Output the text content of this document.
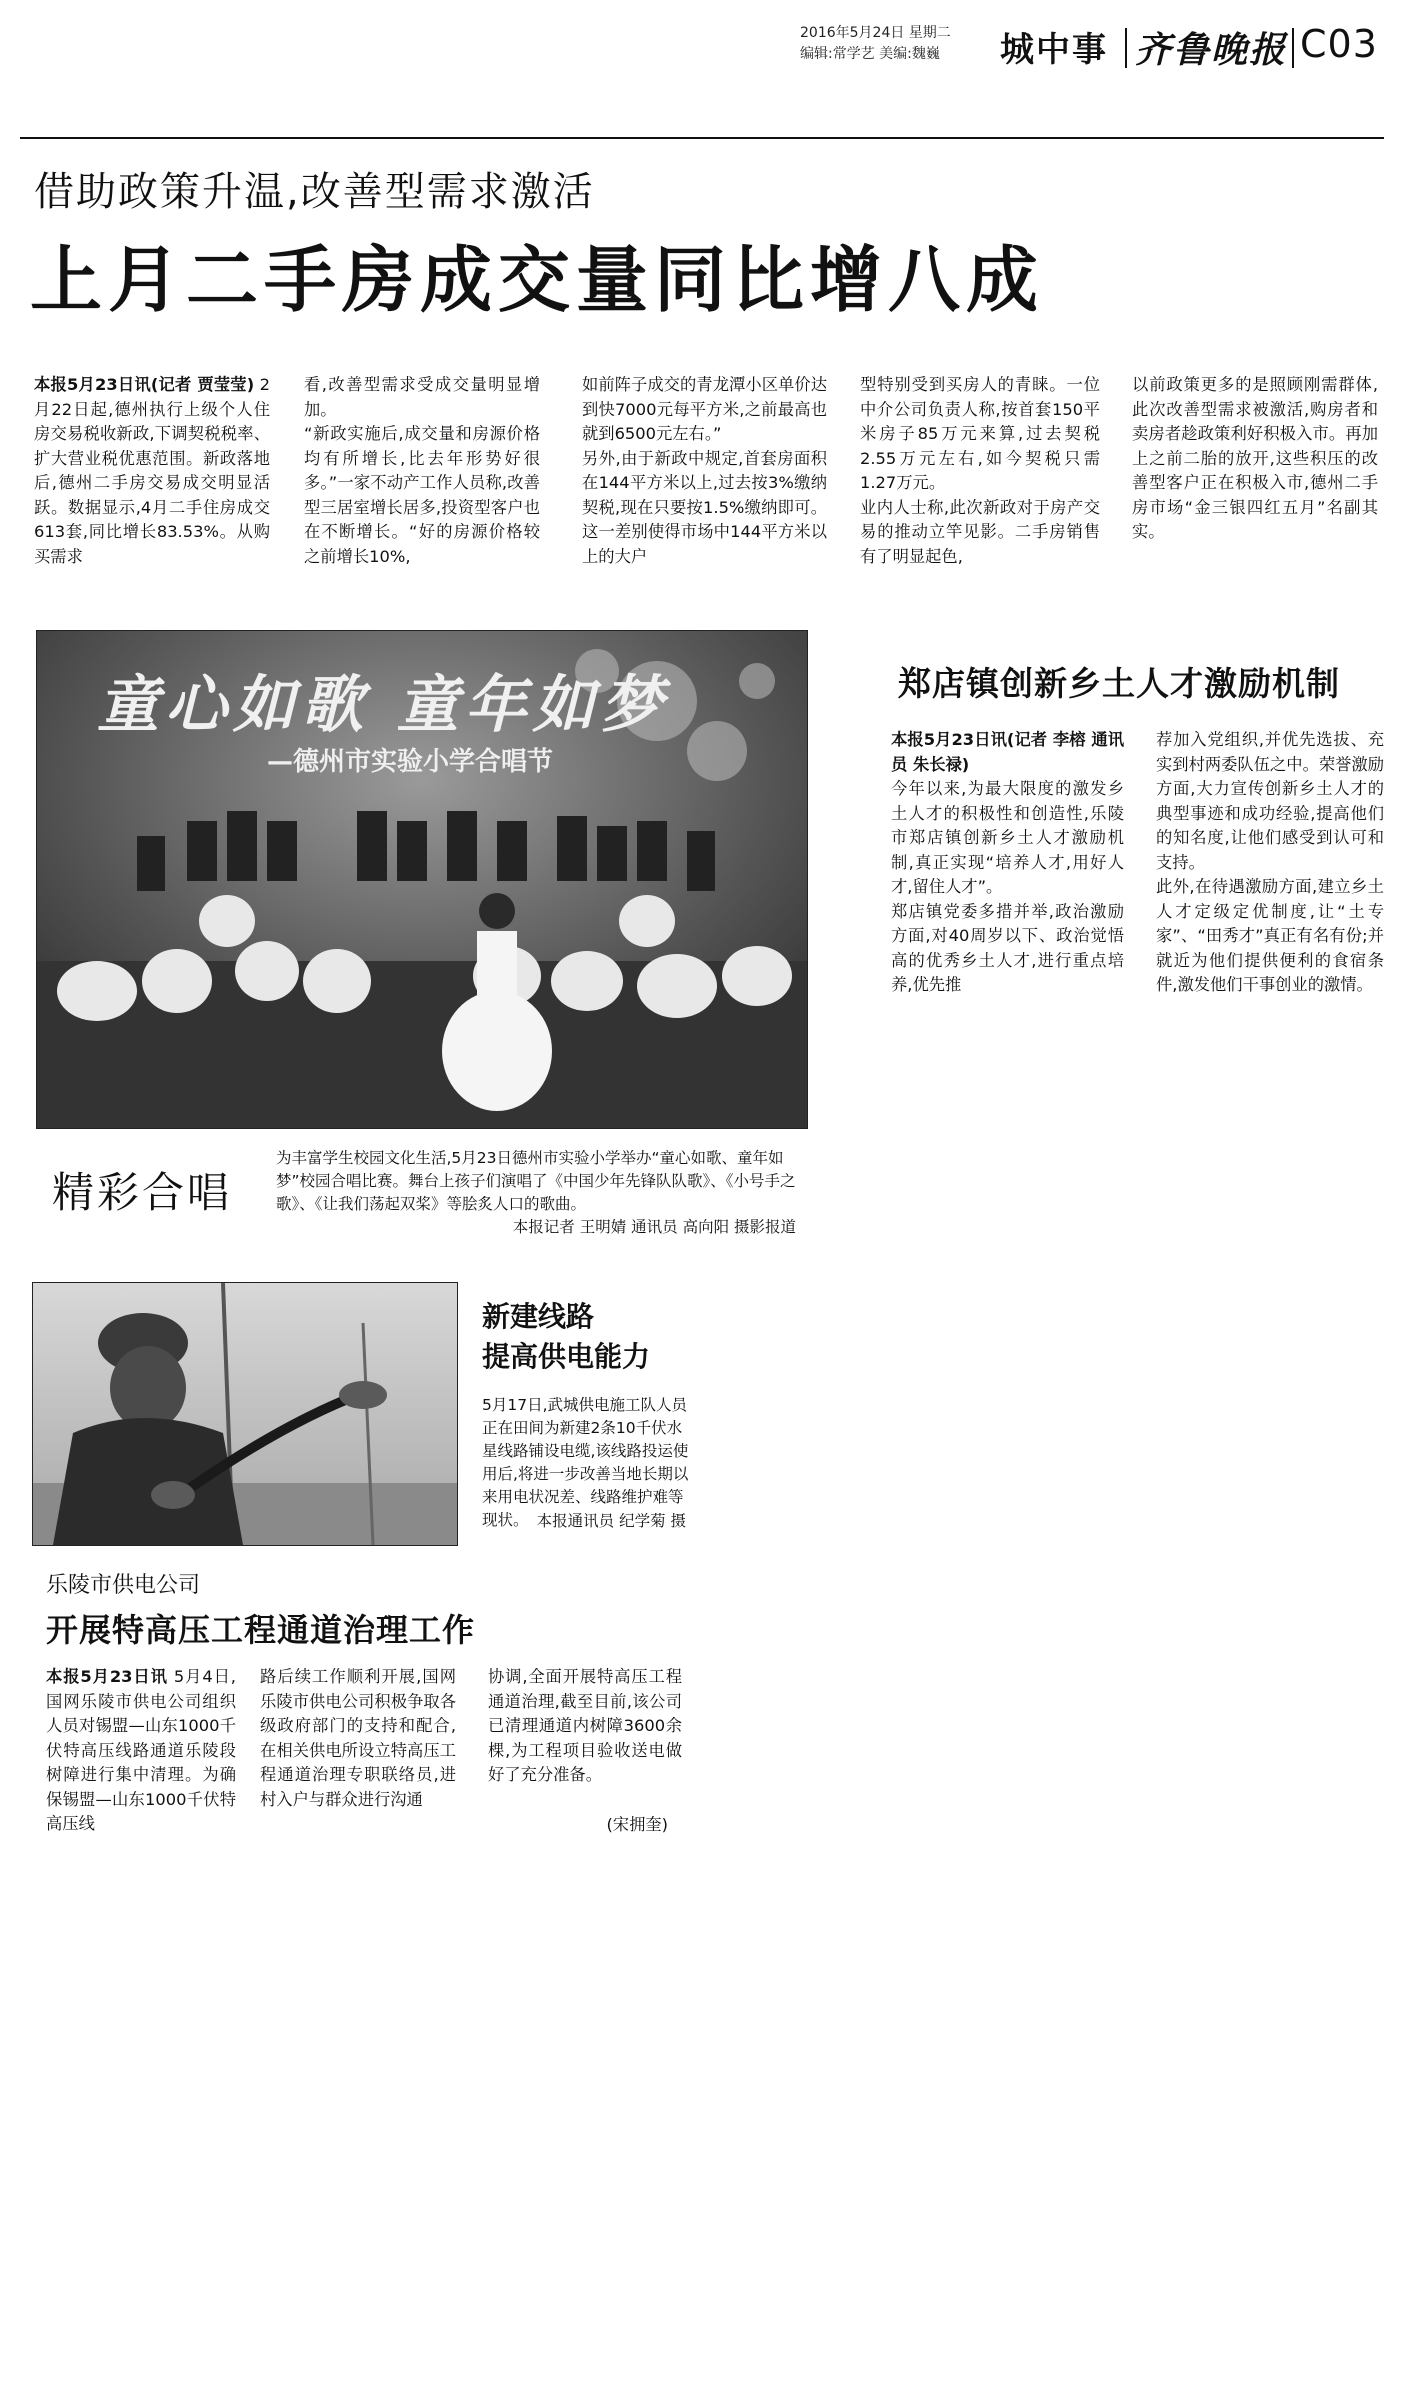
2016年5月24日 星期二
编辑:常学艺 美编:魏巍 城中事 齐鲁晚报 C03
借助政策升温,改善型需求激活
上月二手房成交量同比增八成
本报5月23日讯(记者 贾莹莹) 2月22日起,德州执行上级个人住房交易税收新政,下调契税税率、扩大营业税优惠范围。新政落地后,德州二手房交易成交明显活跃。数据显示,4月二手住房成交613套,同比增长83.53%。从购买需求
看,改善型需求受成交量明显增加。
“新政实施后,成交量和房源价格均有所增长,比去年形势好很多。”一家不动产工作人员称,改善型三居室增长居多,投资型客户也在不断增长。“好的房源价格较之前增长10%,
如前阵子成交的青龙潭小区单价达到快7000元每平方米,之前最高也就到6500元左右。”
另外,由于新政中规定,首套房面积在144平方米以上,过去按3%缴纳契税,现在只要按1.5%缴纳即可。这一差别使得市场中144平方米以上的大户
型特别受到买房人的青睐。一位中介公司负责人称,按首套150平米房子85万元来算,过去契税2.55万元左右,如今契税只需1.27万元。
业内人士称,此次新政对于房产交易的推动立竿见影。二手房销售有了明显起色,
以前政策更多的是照顾刚需群体,此次改善型需求被激活,购房者和卖房者趁政策利好积极入市。再加上之前二胎的放开,这些积压的改善型客户正在积极入市,德州二手房市场“金三银四红五月”名副其实。
童心如歌 童年如梦
—德州市实验小学合唱节
精彩合唱
为丰富学生校园文化生活,5月23日德州市实验小学举办“童心如歌、童年如梦”校园合唱比赛。舞台上孩子们演唱了《中国少年先锋队队歌》、《小号手之歌》、《让我们荡起双桨》等脍炙人口的歌曲。
本报记者 王明婧 通讯员 高向阳 摄影报道
郑店镇创新乡土人才激励机制
本报5月23日讯(记者 李榕 通讯员 朱长禄)
今年以来,为最大限度的激发乡土人才的积极性和创造性,乐陵市郑店镇创新乡土人才激励机制,真正实现“培养人才,用好人才,留住人才”。
郑店镇党委多措并举,政治激励方面,对40周岁以下、政治觉悟高的优秀乡土人才,进行重点培养,优先推
荐加入党组织,并优先选拔、充实到村两委队伍之中。荣誉激励方面,大力宣传创新乡土人才的典型事迹和成功经验,提高他们的知名度,让他们感受到认可和支持。
此外,在待遇激励方面,建立乡土人才定级定优制度,让“土专家”、“田秀才”真正有名有份;并就近为他们提供便利的食宿条件,激发他们干事创业的激情。
新建线路
提高供电能力
5月17日,武城供电施工队人员正在田间为新建2条10千伏水星线路铺设电缆,该线路投运使用后,将进一步改善当地长期以来用电状况差、线路维护难等现状。 本报通讯员 纪学菊 摄
乐陵市供电公司
开展特高压工程通道治理工作
本报5月23日讯 5月4日,国网乐陵市供电公司组织人员对锡盟—山东1000千伏特高压线路通道乐陵段树障进行集中清理。为确保锡盟—山东1000千伏特高压线
路后续工作顺利开展,国网乐陵市供电公司积极争取各级政府部门的支持和配合,在相关供电所设立特高压工程通道治理专职联络员,进村入户与群众进行沟通
协调,全面开展特高压工程通道治理,截至目前,该公司已清理通道内树障3600余棵,为工程项目验收送电做好了充分准备。
(宋拥奎)
